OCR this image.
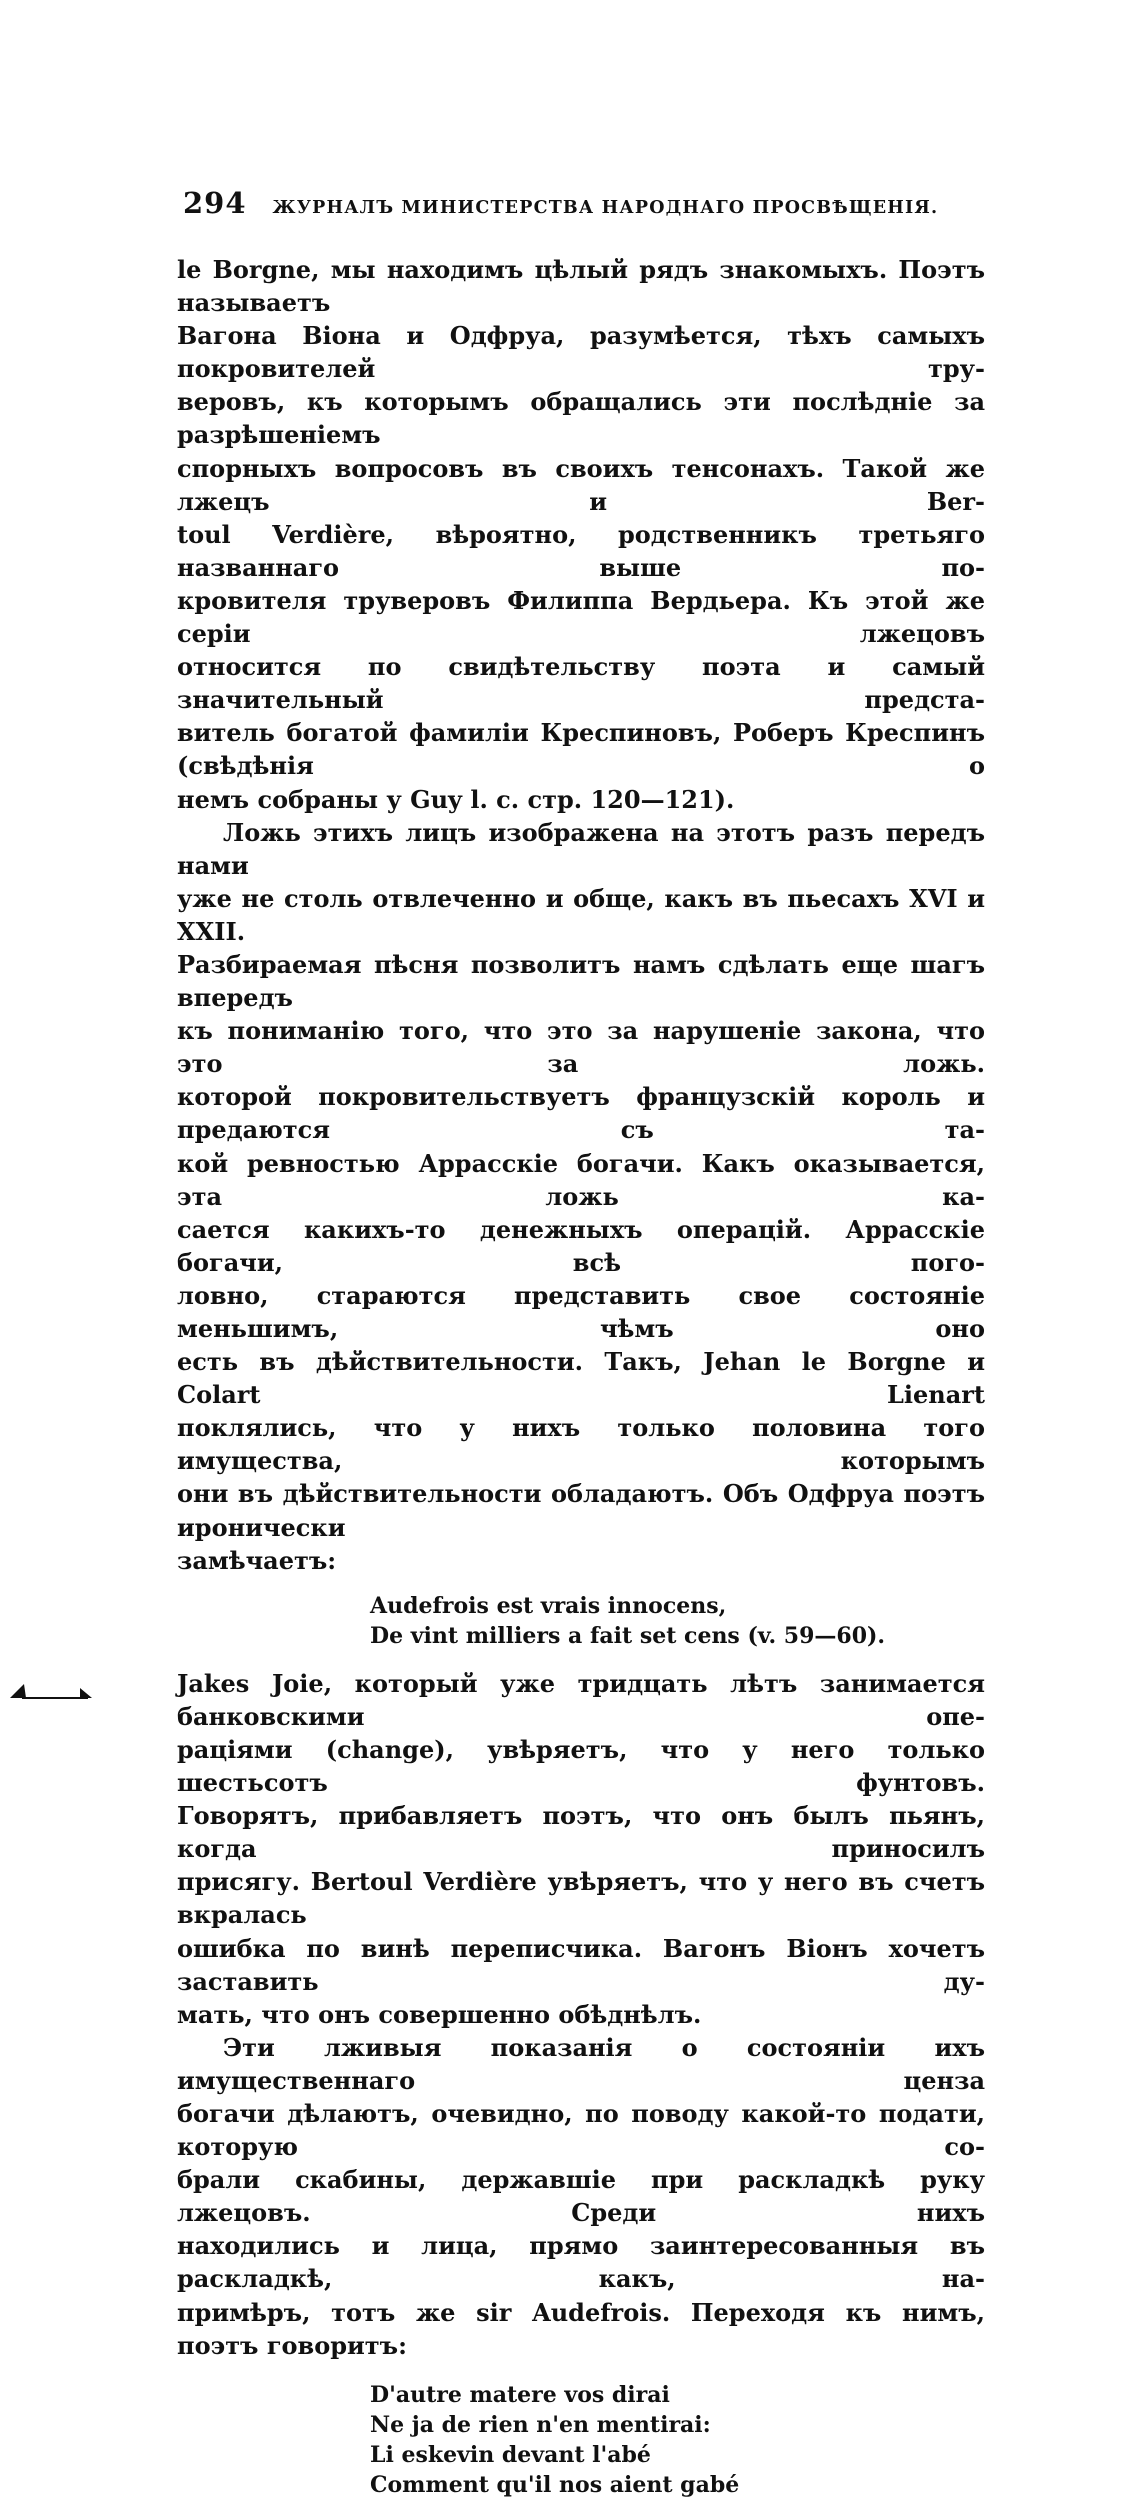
294 ЖУРНАЛЪ МИНИСТЕРСТВА НАРОДНАГО ПРОСВѢЩЕНІЯ.

le Borgne, мы находимъ цѣлый рядъ знакомыхъ. Поэтъ называетъ

Вагона Віона и Одфруа, разумѣется, тѣхъ самыхъ покровителей тру-

веровъ, къ которымъ обращались эти послѣдніе за разрѣшеніемъ

спорныхъ вопросовъ въ своихъ тенсонахъ. Такой же лжецъ и Ber-

toul Verdière, вѣроятно, родственникъ третьяго названнаго выше по-

кровителя труверовъ Филиппа Вердьера. Къ этой же серіи лжецовъ

относится по свидѣтельству поэта и самый значительный предста-

витель богатой фамиліи Креспиновъ, Роберъ Креспинъ (свѣдѣнія о

немъ собраны у Guy l. c. стр. 120—121).

Ложь этихъ лицъ изображена на этотъ разъ передъ нами

уже не столь отвлеченно и обще, какъ въ пьесахъ XVI и XXII.

Разбираемая пѣсня позволитъ намъ сдѣлать еще шагъ впередъ

къ пониманію того, что это за нарушеніе закона, что это за ложь.

которой покровительствуетъ французскій король и предаются съ та-

кой ревностью Аррасскіе богачи. Какъ оказывается, эта ложь ка-

сается какихъ-то денежныхъ операцій. Аррасскіе богачи, всѣ пого-

ловно, стараются представить свое состояніе меньшимъ, чѣмъ оно

есть въ дѣйствительности. Такъ, Jehan le Borgne и Colart Lienart

поклялись, что у нихъ только половина того имущества, которымъ

они въ дѣйствительности обладаютъ. Объ Одфруа поэтъ иронически

замѣчаетъ:

Audefrois est vrais innocens,
De vint milliers a fait set cens (v. 59—60).

Jakes Joie, который уже тридцать лѣтъ занимается банковскими опе-

раціями (change), увѣряетъ, что у него только шестьсотъ фунтовъ.

Говорятъ, прибавляетъ поэтъ, что онъ былъ пьянъ, когда приносилъ

присягу. Bertoul Verdière увѣряетъ, что у него въ счетъ вкралась

ошибка по винѣ переписчика. Вагонъ Віонъ хочетъ заставить ду-

мать, что онъ совершенно обѣднѣлъ.

Эти лживыя показанія о состояніи ихъ имущественнаго ценза

богачи дѣлаютъ, очевидно, по поводу какой-то подати, которую со-

брали скабины, державшіе при раскладкѣ руку лжецовъ. Среди нихъ

находились и лица, прямо заинтересованныя въ раскладкѣ, какъ, на-

примѣръ, тотъ же sir Audefrois. Переходя къ нимъ, поэтъ говоритъ:

D'autre matere vos dirai
Ne ja de rien n'en mentirai:
Li eskevin devant l'abé
Comment qu'il nos aient gabé
